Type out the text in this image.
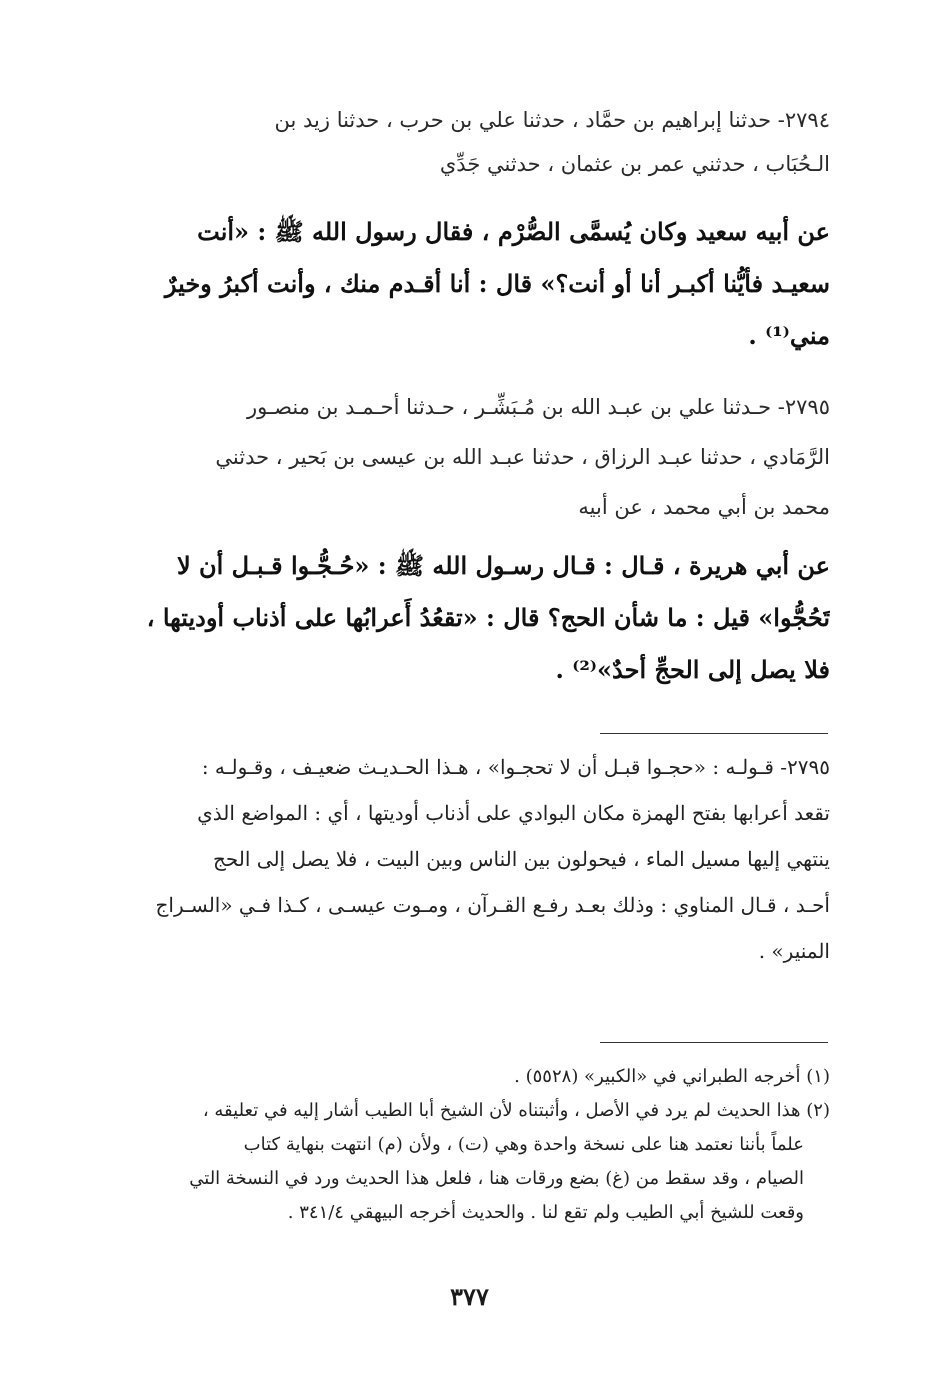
٢٧٩٤- حدثنا إبراهيم بن حمَّاد ، حدثنا علي بن حرب ، حدثنا زيد بن
الـحُبَاب ، حدثني عمر بن عثمان ، حدثني جَدِّي
عن أبيه سعيد وكان يُسمَّى الصُّرْم ، فقال رسول الله ﷺ : «أنت
سعيـد فأيُّنا أكبـر أنا أو أنت؟» قال : أنا أقـدم منك ، وأنت أكبرُ وخيرٌ
مني⁽¹⁾ .
٢٧٩٥- حـدثنا علي بن عبـد الله بن مُـبَشِّـر ، حـدثنا أحـمـد بن منصـور
الرَّمَادي ، حدثنا عبـد الرزاق ، حدثنا عبـد الله بن عيسى بن بَحير ، حدثني
محمد بن أبي محمد ، عن أبيه
عن أبي هريرة ، قـال : قـال رسـول الله ﷺ : «حُـجُّـوا قـبـل أن لا
تَحُجُّوا» قيل : ما شأن الحج؟ قال : «تقعُدُ أَعرابُها على أذناب أوديتها ،
فلا يصل إلى الحجِّ أحدٌ»⁽²⁾ .
٢٧٩٥- قـولـه : «حجـوا قبـل أن لا تحجـوا» ، هـذا الحـديـث ضعيـف ، وقـولـه :
تقعد أعرابها بفتح الهمزة مكان البوادي على أذناب أوديتها ، أي : المواضع الذي
ينتهي إليها مسيل الماء ، فيحولون بين الناس وبين البيت ، فلا يصل إلى الحج
أحـد ، قـال المناوي : وذلك بعـد رفـع القـرآن ، ومـوت عيسـى ، كـذا فـي «السـراج
المنير» .
(١) أخرجه الطبراني في «الكبير» (٥٥٢٨) .
(٢) هذا الحديث لم يرد في الأصل ، وأثبتناه لأن الشيخ أبا الطيب أشار إليه في تعليقه ،
علماً بأننا نعتمد هنا على نسخة واحدة وهي (ت) ، ولأن (م) انتهت بنهاية كتاب
الصيام ، وقد سقط من (غ) بضع ورقات هنا ، فلعل هذا الحديث ورد في النسخة التي
وقعت للشيخ أبي الطيب ولم تقع لنا . والحديث أخرجه البيهقي ٣٤١/٤ .
٣٧٧
